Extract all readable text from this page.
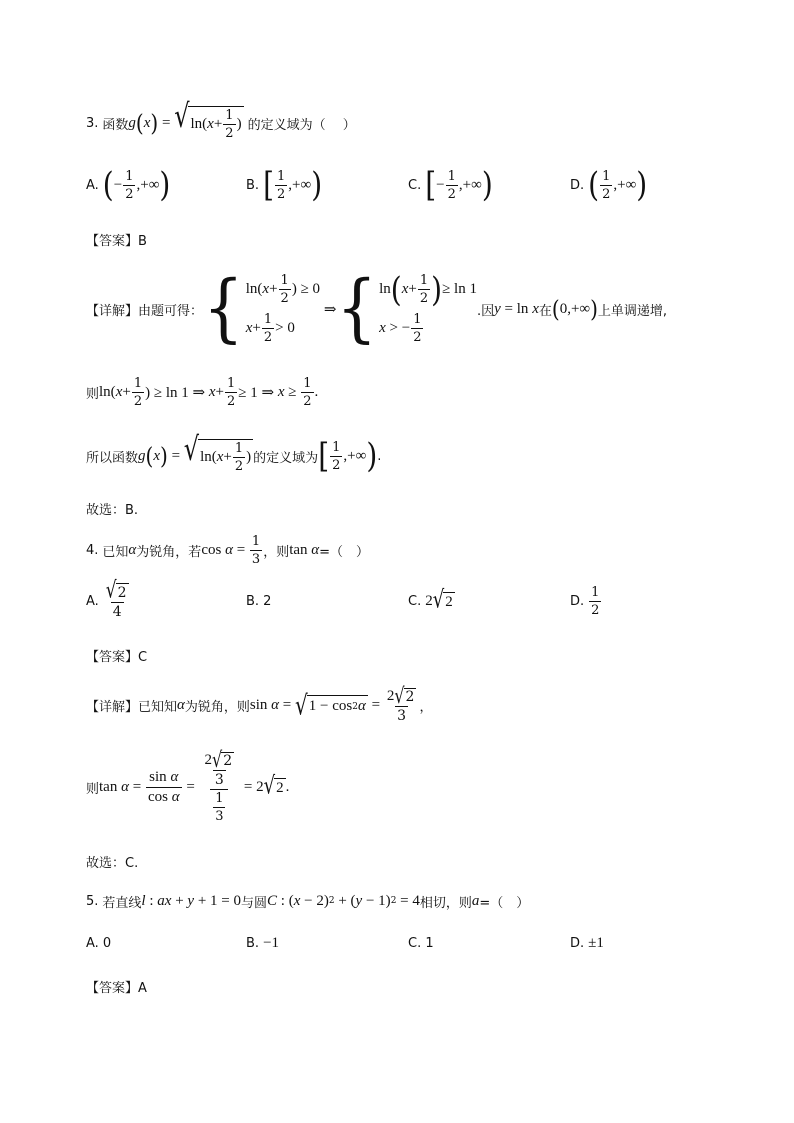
3. 函数 g ( x ) = √ ln( $x + \frac{1}{2}$ ) 的定义域为（　 ）
A. ( − $\frac{1}{2}$ ,+∞ )	B. [ 1
2
,+∞ )	C. [ − $\frac{1}{2}$ ,+∞ )	D. ( 1
2
,+∞ )
【答案】B
【详解】由题可得： { ln( $x + \frac{1}{2}$ ) ≥ 0
$x + \frac{1}{2} > 0$
⇒ { ln ( $x + \frac{1}{2}$ ) ≥ ln 1
x > − $\frac{1}{2}$
.因 y = ln x 在 ( 0,+∞ ) 上单调递增,
则 ln( $x + \frac{1}{2}$ ) ≥ ln 1 ⇒ $x + \frac{1}{2} \ge 1$ ⇒ $x \ge \frac{1}{2}$ .
所以函数 g ( x ) = √ ln( $x + \frac{1}{2}$ ) 的定义域为 [ 1
2
,+∞ ) .
故选：B.
4. 已知 α 为锐角，若 $\cos \alpha = \frac{1}{3}$ ，则 tan α =（　）
A. √ 2
4
B. 2	C. 2 √ 2	D.
1
2
【答案】C
【详解】已知知 α 为锐角，则 sin α = √ 1 − cos 2 $\alpha = \frac{2 √ 2}{3}$ ，
则 $\tan \alpha = \frac{\text{sin α}}{\text{cos α}} = \frac{\frac{2 √ 2}{3}}{\frac{1}{3}} = 2$ √ 2 .
故选：C.
5. 若直线 l : ax + y + 1 = 0 与圆 C : ( x − 2) 2 + ( y − 1) 2 = 4 相切，则 a =（　）
A. 0	B. −1	C. 1	D. ±1
【答案】A
